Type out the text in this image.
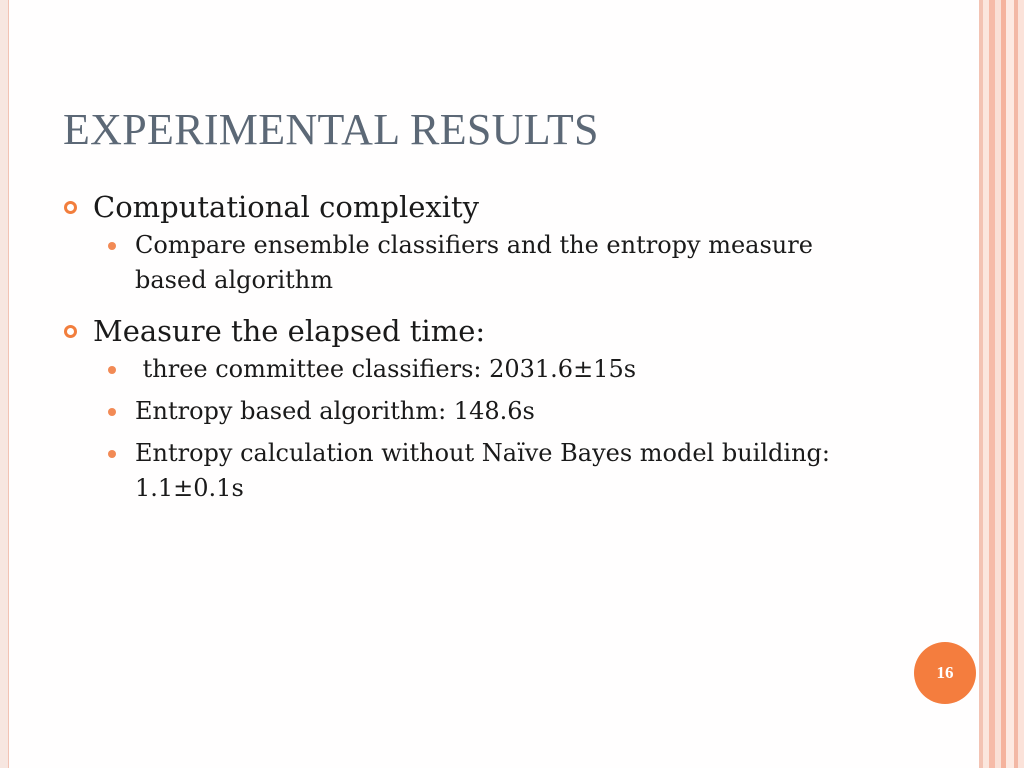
EXPERIMENTAL RESULTS
Computational complexity
Compare ensemble classifiers and the entropy measure based algorithm
Measure the elapsed time:
three committee classifiers: 2031.6±15s
Entropy based algorithm: 148.6s
Entropy calculation without Naïve Bayes model building: 1.1±0.1s
16
